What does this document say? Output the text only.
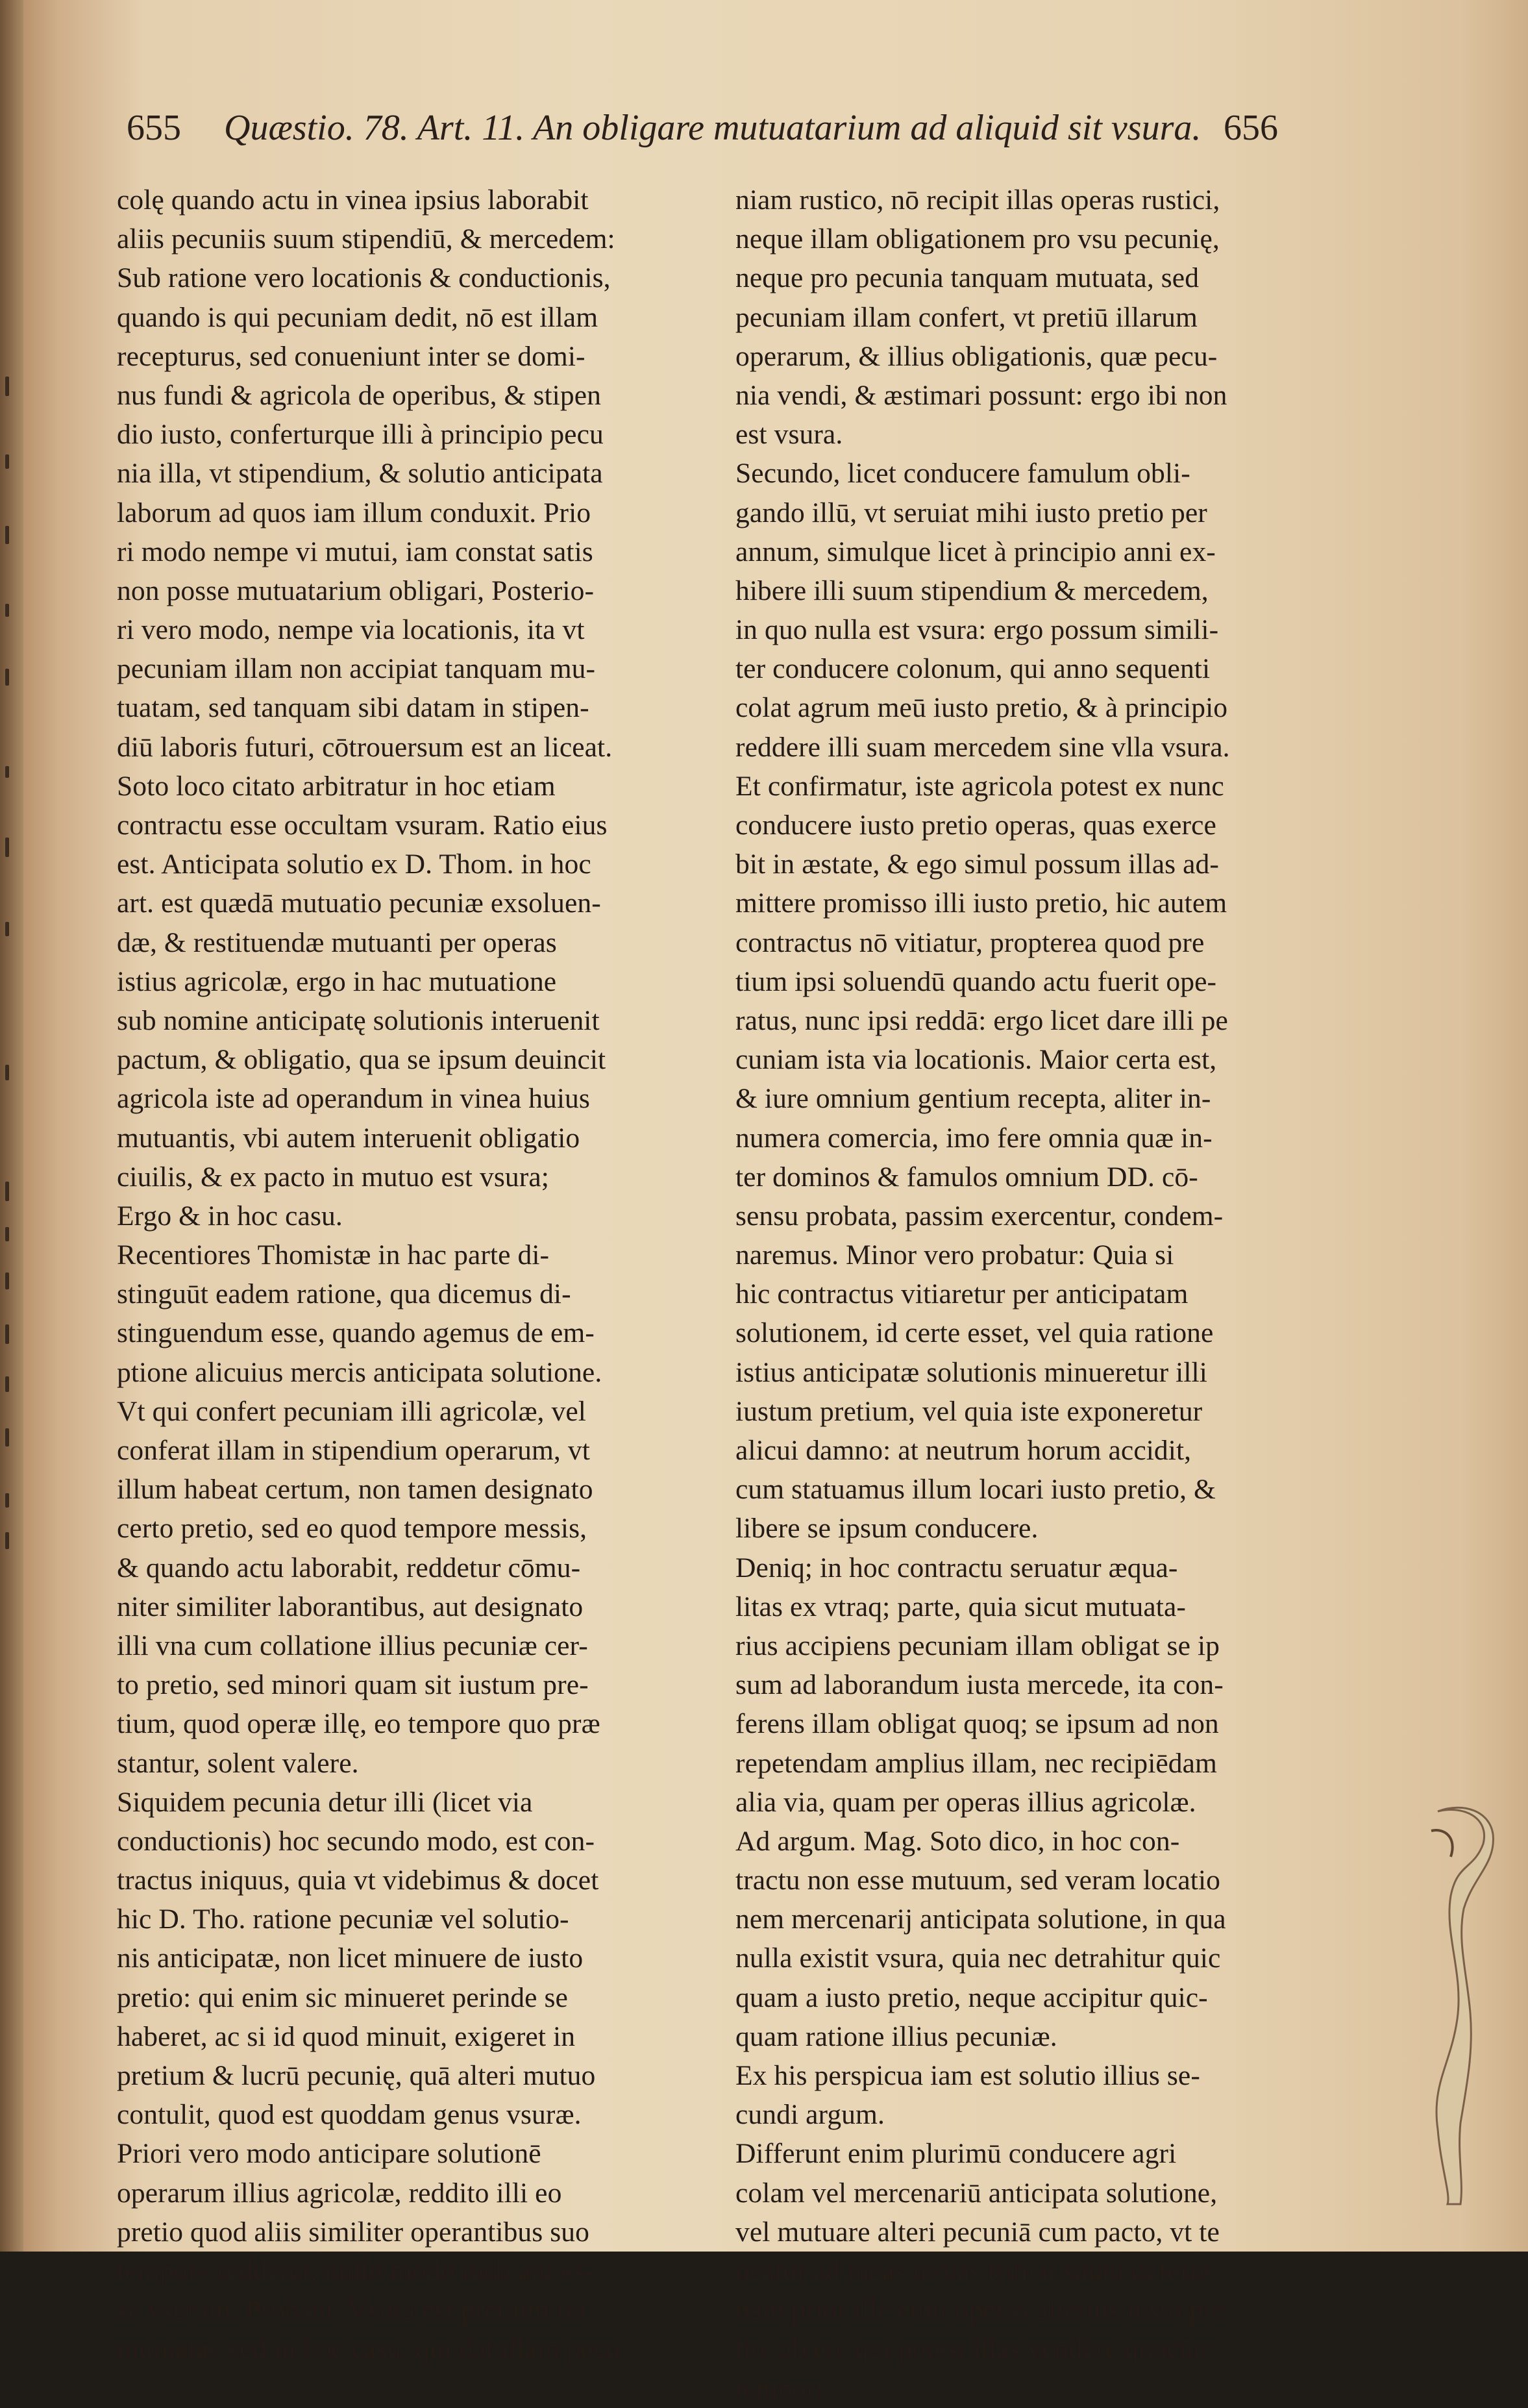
655 Quæstio. 78. Art. 11. An obligare mutuatarium ad aliquid sit vsura. 656
colę quando actu in vinea ipsius laborabit
aliis pecuniis suum stipendiū, & mercedem:
Sub ratione vero locationis & conductionis,
quando is qui pecuniam dedit, nō est illam
recepturus, sed conueniunt inter se domi-
nus fundi & agricola de operibus, & stipen
dio iusto, conferturque illi à principio pecu
nia illa, vt stipendium, & solutio anticipata
laborum ad quos iam illum conduxit. Prio
ri modo nempe vi mutui, iam constat satis
non posse mutuatarium obligari, Posterio-
ri vero modo, nempe via locationis, ita vt
pecuniam illam non accipiat tanquam mu-
tuatam, sed tanquam sibi datam in stipen-
diū laboris futuri, cōtrouersum est an liceat.
Soto loco citato arbitratur in hoc etiam
contractu esse occultam vsuram. Ratio eius
est. Anticipata solutio ex D. Thom. in hoc
art. est quædā mutuatio pecuniæ exsoluen-
dæ, & restituendæ mutuanti per operas
istius agricolæ, ergo in hac mutuatione
sub nomine anticipatę solutionis interuenit
pactum, & obligatio, qua se ipsum deuincit
agricola iste ad operandum in vinea huius
mutuantis, vbi autem interuenit obligatio
ciuilis, & ex pacto in mutuo est vsura;
Ergo & in hoc casu.
Recentiores Thomistæ in hac parte di-
stinguūt eadem ratione, qua dicemus di-
stinguendum esse, quando agemus de em-
ptione alicuius mercis anticipata solutione.
Vt qui confert pecuniam illi agricolæ, vel
conferat illam in stipendium operarum, vt
illum habeat certum, non tamen designato
certo pretio, sed eo quod tempore messis,
& quando actu laborabit, reddetur cōmu-
niter similiter laborantibus, aut designato
illi vna cum collatione illius pecuniæ cer-
to pretio, sed minori quam sit iustum pre-
tium, quod operæ illę, eo tempore quo præ
stantur, solent valere.
Siquidem pecunia detur illi (licet via
conductionis) hoc secundo modo, est con-
tractus iniquus, quia vt videbimus & docet
hic D. Tho. ratione pecuniæ vel solutio-
nis anticipatæ, non licet minuere de iusto
pretio: qui enim sic minueret perinde se
haberet, ac si id quod minuit, exigeret in
pretium & lucrū pecunię, quā alteri mutuo
contulit, quod est quoddam genus vsuræ.
Priori vero modo anticipare solutionē
operarum illius agricolæ, reddito illi eo
pretio quod aliis similiter operantibus suo
tempore reddetur, nullo modo iudicant es-
se vsuram. Probant. Vsura est pretium rei
mutuatæ, sed in hoc casu, qui dat illam pecu
niam rustico, nō recipit illas operas rustici,
neque illam obligationem pro vsu pecunię,
neque pro pecunia tanquam mutuata, sed
pecuniam illam confert, vt pretiū illarum
operarum, & illius obligationis, quæ pecu-
nia vendi, & æstimari possunt: ergo ibi non
est vsura.
Secundo, licet conducere famulum obli-
gando illū, vt seruiat mihi iusto pretio per
annum, simulque licet à principio anni ex-
hibere illi suum stipendium & mercedem,
in quo nulla est vsura: ergo possum simili-
ter conducere colonum, qui anno sequenti
colat agrum meū iusto pretio, & à principio
reddere illi suam mercedem sine vlla vsura.
Et confirmatur, iste agricola potest ex nunc
conducere iusto pretio operas, quas exerce
bit in æstate, & ego simul possum illas ad-
mittere promisso illi iusto pretio, hic autem
contractus nō vitiatur, propterea quod pre
tium ipsi soluendū quando actu fuerit ope-
ratus, nunc ipsi reddā: ergo licet dare illi pe
cuniam ista via locationis. Maior certa est,
& iure omnium gentium recepta, aliter in-
numera comercia, imo fere omnia quæ in-
ter dominos & famulos omnium DD. cō-
sensu probata, passim exercentur, condem-
naremus. Minor vero probatur: Quia si
hic contractus vitiaretur per anticipatam
solutionem, id certe esset, vel quia ratione
istius anticipatæ solutionis minueretur illi
iustum pretium, vel quia iste exponeretur
alicui damno: at neutrum horum accidit,
cum statuamus illum locari iusto pretio, &
libere se ipsum conducere.
Deniq; in hoc contractu seruatur æqua-
litas ex vtraq; parte, quia sicut mutuata-
rius accipiens pecuniam illam obligat se ip
sum ad laborandum iusta mercede, ita con-
ferens illam obligat quoq; se ipsum ad non
repetendam amplius illam, nec recipiēdam
alia via, quam per operas illius agricolæ.
Ad argum. Mag. Soto dico, in hoc con-
tractu non esse mutuum, sed veram locatio
nem mercenarij anticipata solutione, in qua
nulla existit vsura, quia nec detrahitur quic
quam a iusto pretio, neque accipitur quic-
quam ratione illius pecuniæ.
Ex his perspicua iam est solutio illius se-
cundi argum.
Differunt enim plurimū conducere agri
colam vel mercenariū anticipata solutione,
vel mutuare alteri pecuniā cum pacto, vt te
neatur ad meas molas triticū suum deferre,
nam prior ille emit operas alterius iusto pre
tio, ab eo, qui potest illas vendere quocūq;
tempore
